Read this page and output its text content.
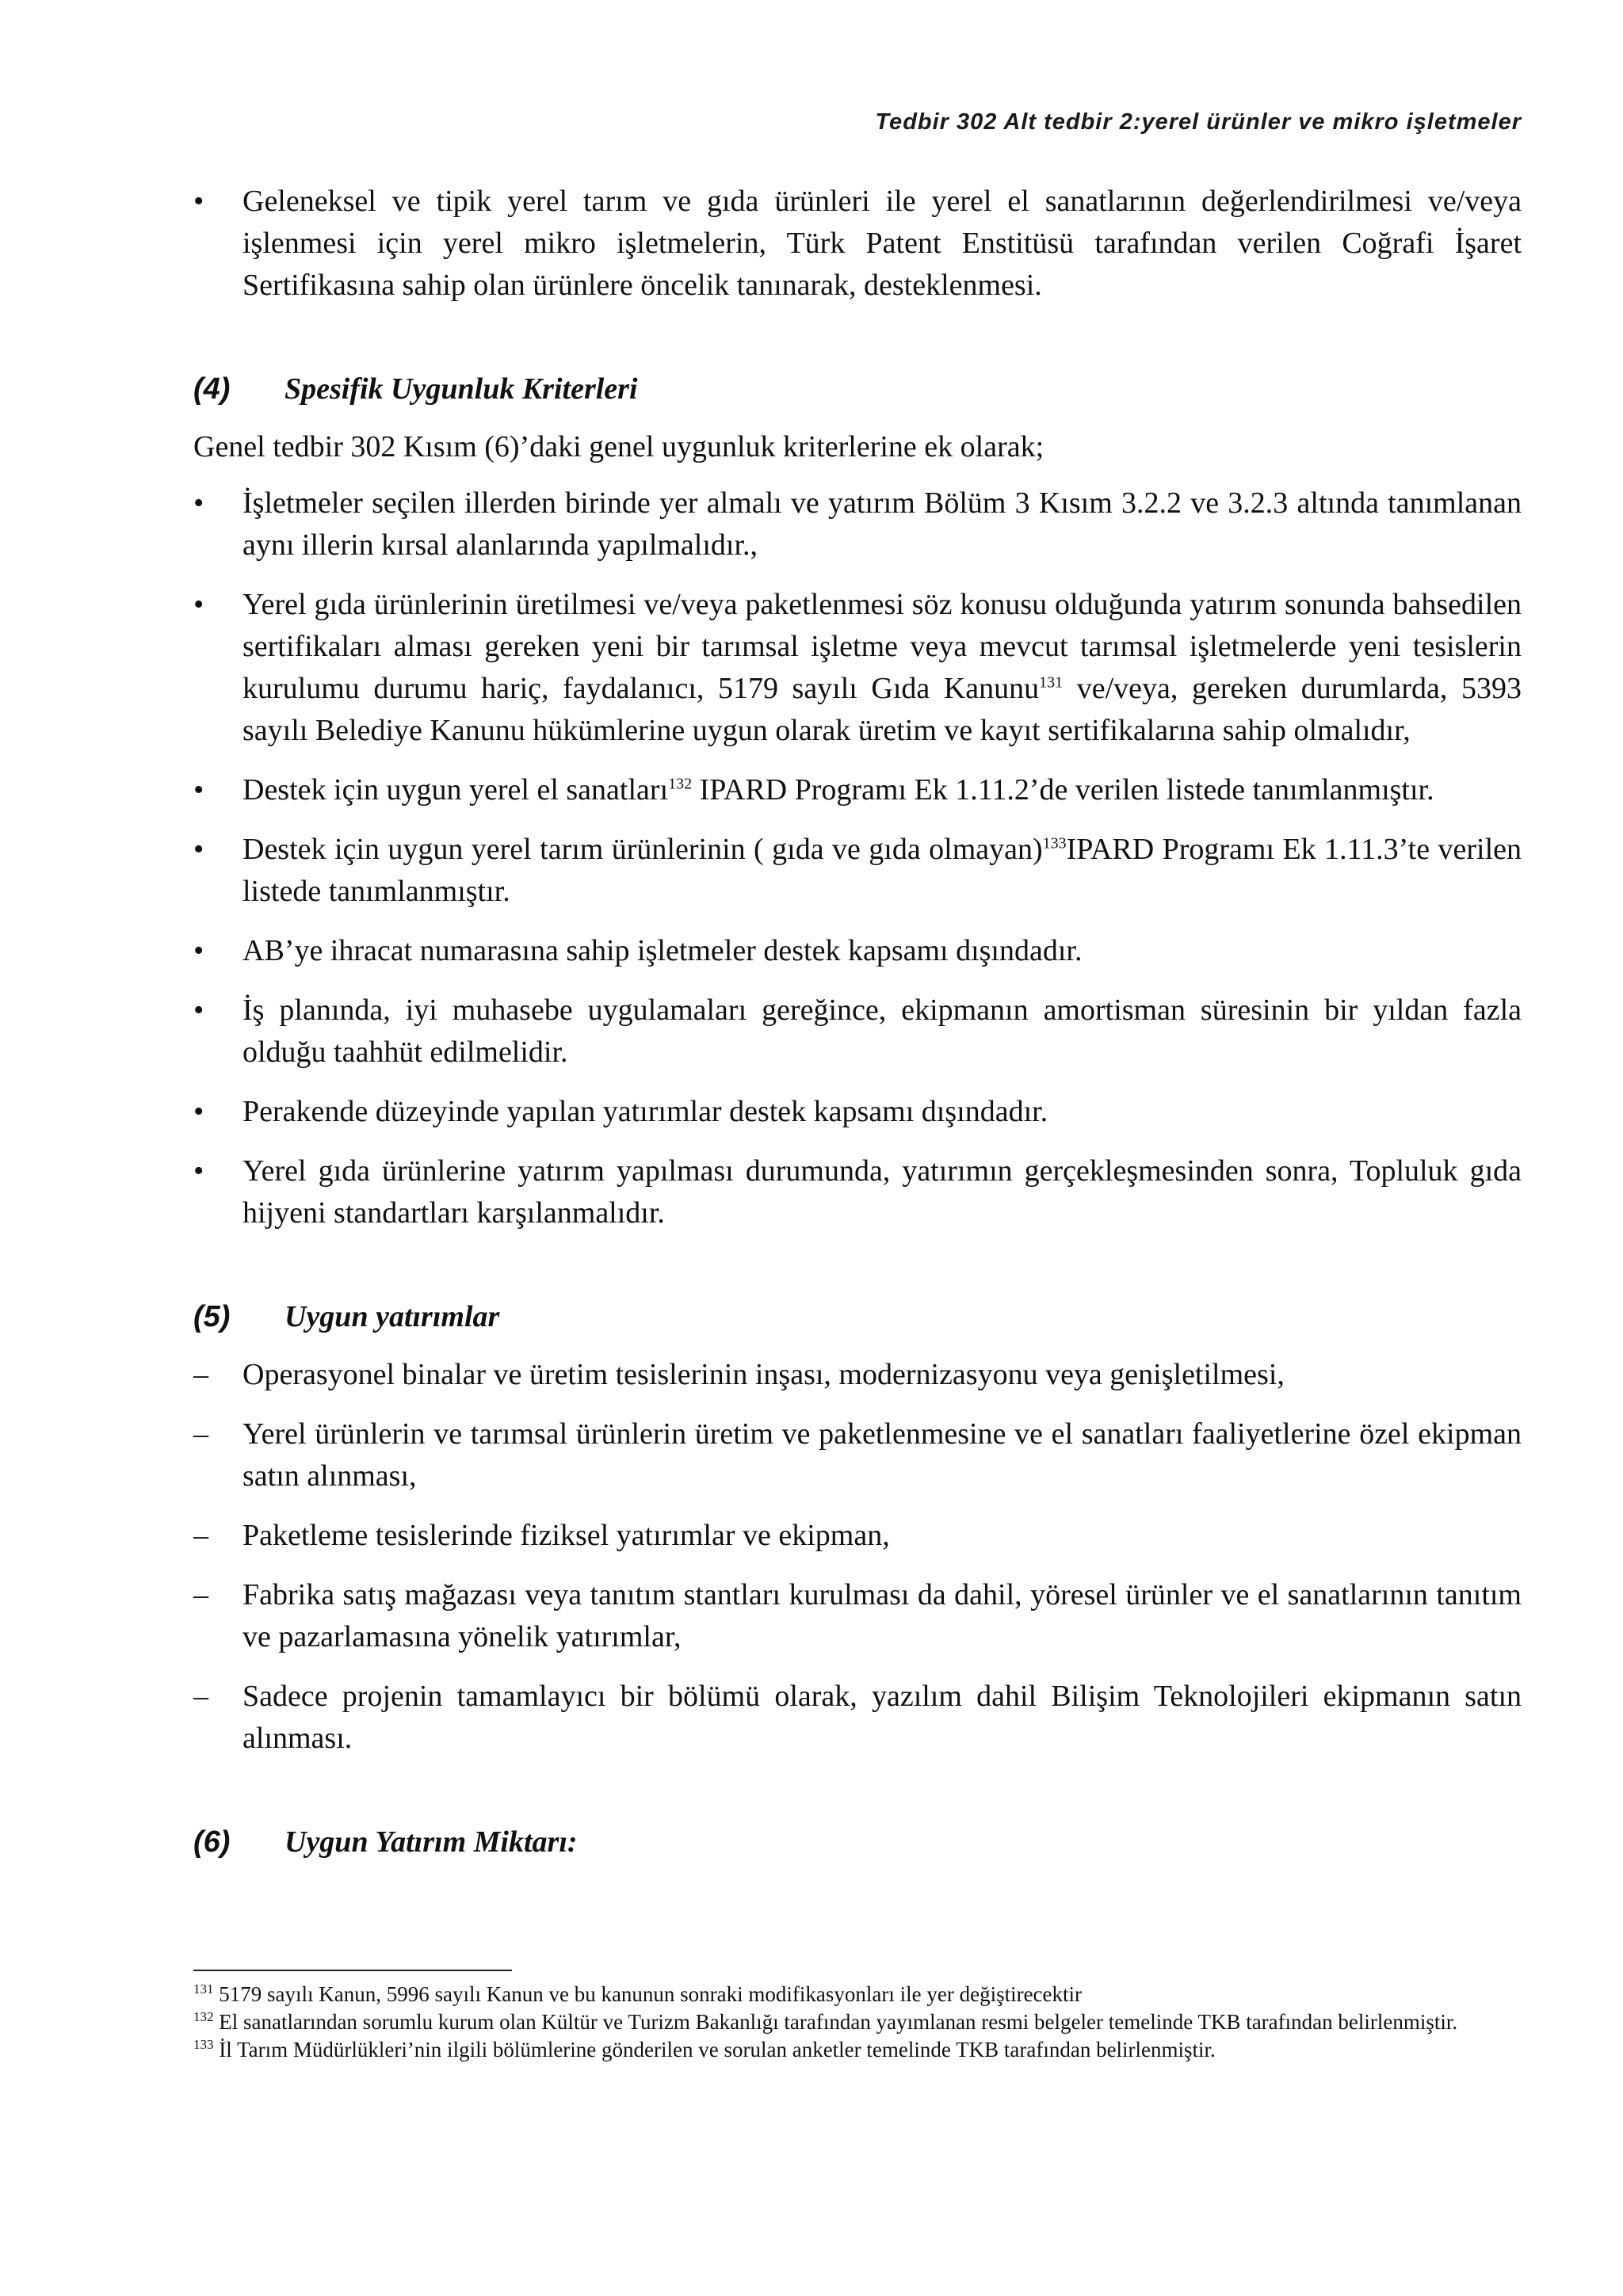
Tedbir 302 Alt tedbir 2:yerel ürünler ve mikro işletmeler
•	Geleneksel ve tipik yerel tarım ve gıda ürünleri ile yerel el sanatlarının değerlendirilmesi ve/veya işlenmesi için yerel mikro işletmelerin, Türk Patent Enstitüsü tarafından verilen Coğrafi İşaret Sertifikasına sahip olan ürünlere öncelik tanınarak, desteklenmesi.
(4) Spesifik Uygunluk Kriterleri
Genel tedbir 302 Kısım (6)’daki genel uygunluk kriterlerine ek olarak;
•	İşletmeler seçilen illerden birinde yer almalı ve yatırım Bölüm 3 Kısım 3.2.2 ve 3.2.3 altında tanımlanan aynı illerin kırsal alanlarında yapılmalıdır.,
•	Yerel gıda ürünlerinin üretilmesi ve/veya paketlenmesi söz konusu olduğunda yatırım sonunda bahsedilen sertifikaları alması gereken yeni bir tarımsal işletme veya mevcut tarımsal işletmelerde yeni tesislerin kurulumu durumu hariç, faydalanıcı, 5179 sayılı Gıda Kanunu$^{131}$ ve/veya, gereken durumlarda, 5393 sayılı Belediye Kanunu hükümlerine uygun olarak üretim ve kayıt sertifikalarına sahip olmalıdır,
•	Destek için uygun yerel el sanatları$^{132}$ IPARD Programı Ek 1.11.2’de verilen listede tanımlanmıştır.
•	Destek için uygun yerel tarım ürünlerinin ( gıda ve gıda olmayan)$^{133}$IPARD Programı Ek 1.11.3’te verilen listede tanımlanmıştır.
•	AB’ye ihracat numarasına sahip işletmeler destek kapsamı dışındadır.
•	İş planında, iyi muhasebe uygulamaları gereğince, ekipmanın amortisman süresinin bir yıldan fazla olduğu taahhüt edilmelidir.
•	Perakende düzeyinde yapılan yatırımlar destek kapsamı dışındadır.
•	Yerel gıda ürünlerine yatırım yapılması durumunda, yatırımın gerçekleşmesinden sonra, Topluluk gıda hijyeni standartları karşılanmalıdır.
(5) Uygun yatırımlar
– Operasyonel binalar ve üretim tesislerinin inşası, modernizasyonu veya genişletilmesi,
– Yerel ürünlerin ve tarımsal ürünlerin üretim ve paketlenmesine ve el sanatları faaliyetlerine özel ekipman satın alınması,
– Paketleme tesislerinde fiziksel yatırımlar ve ekipman,
– Fabrika satış mağazası veya tanıtım stantları kurulması da dahil, yöresel ürünler ve el sanatlarının tanıtım ve pazarlamasına yönelik yatırımlar,
– Sadece projenin tamamlayıcı bir bölümü olarak, yazılım dahil Bilişim Teknolojileri ekipmanın satın alınması.
(6) Uygun Yatırım Miktarı:
$^{131}$ 5179 sayılı Kanun, 5996 sayılı Kanun ve bu kanunun sonraki modifikasyonları ile yer değiştirecektir
$^{132}$ El sanatlarından sorumlu kurum olan Kültür ve Turizm Bakanlığı tarafından yayımlanan resmi belgeler temelinde TKB tarafından belirlenmiştir.
$^{133}$ İl Tarım Müdürlükleri’nin ilgili bölümlerine gönderilen ve sorulan anketler temelinde TKB tarafından belirlenmiştir.
